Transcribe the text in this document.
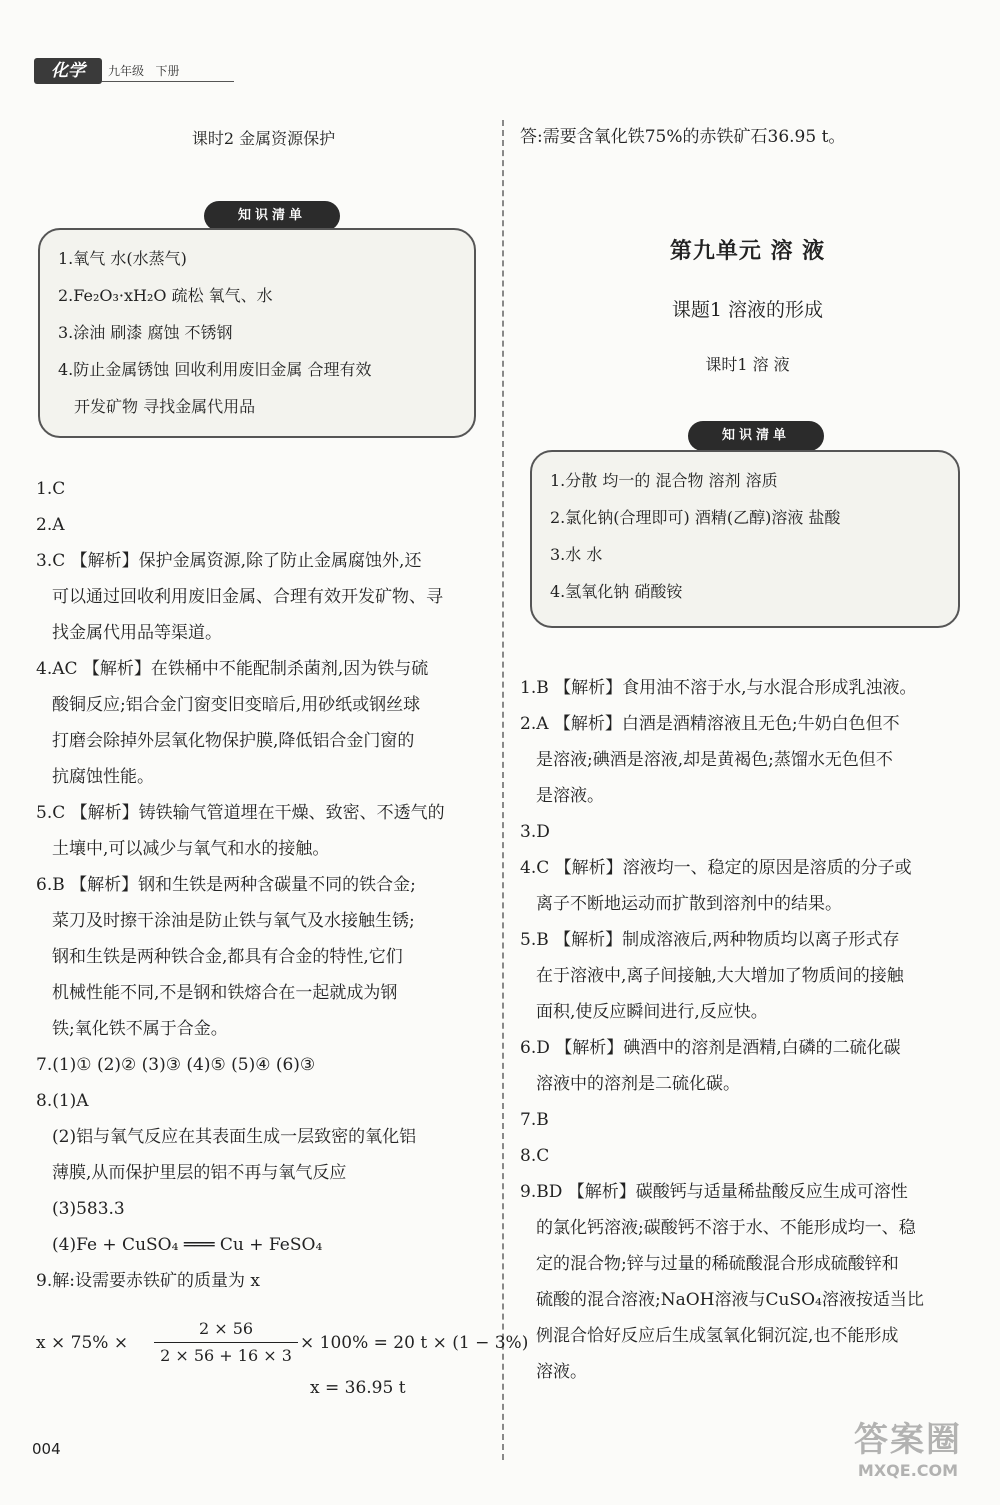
化学	九年级   下册
课时2 金属资源保护
知识清单
1.氧气 水(水蒸气)
2.Fe₂O₃·xH₂O 疏松 氧气、水
3.涂油 刷漆 腐蚀 不锈钢
4.防止金属锈蚀 回收利用废旧金属 合理有效
开发矿物 寻找金属代用品
1.C
2.A
3.C 【解析】保护金属资源,除了防止金属腐蚀外,还
可以通过回收利用废旧金属、合理有效开发矿物、寻
找金属代用品等渠道。
4.AC 【解析】在铁桶中不能配制杀菌剂,因为铁与硫
酸铜反应;铝合金门窗变旧变暗后,用砂纸或钢丝球
打磨会除掉外层氧化物保护膜,降低铝合金门窗的
抗腐蚀性能。
5.C 【解析】铸铁输气管道埋在干燥、致密、不透气的
土壤中,可以减少与氧气和水的接触。
6.B 【解析】钢和生铁是两种含碳量不同的铁合金;
菜刀及时擦干涂油是防止铁与氧气及水接触生锈;
钢和生铁是两种铁合金,都具有合金的特性,它们
机械性能不同,不是钢和铁熔合在一起就成为钢
铁;氧化铁不属于合金。
7.(1)① (2)② (3)③ (4)⑤ (5)④ (6)③
8.(1)A
(2)铝与氧气反应在其表面生成一层致密的氧化铝
薄膜,从而保护里层的铝不再与氧气反应
(3)583.3
(4)Fe + CuSO₄ ═══ Cu + FeSO₄
9.解:设需要赤铁矿的质量为 x
x × 75% ×
2 × 56
2 × 56 + 16 × 3
× 100% = 20 t × (1 − 3%)
x = 36.95 t
答:需要含氧化铁75%的赤铁矿石36.95 t。
第九单元 溶 液
课题1 溶液的形成
课时1 溶 液
知识清单
1.分散 均一的 混合物 溶剂 溶质
2.氯化钠(合理即可) 酒精(乙醇)溶液 盐酸
3.水 水
4.氢氧化钠 硝酸铵
1.B 【解析】食用油不溶于水,与水混合形成乳浊液。
2.A 【解析】白酒是酒精溶液且无色;牛奶白色但不
是溶液;碘酒是溶液,却是黄褐色;蒸馏水无色但不
是溶液。
3.D
4.C 【解析】溶液均一、稳定的原因是溶质的分子或
离子不断地运动而扩散到溶剂中的结果。
5.B 【解析】制成溶液后,两种物质均以离子形式存
在于溶液中,离子间接触,大大增加了物质间的接触
面积,使反应瞬间进行,反应快。
6.D 【解析】碘酒中的溶剂是酒精,白磷的二硫化碳
溶液中的溶剂是二硫化碳。
7.B
8.C
9.BD 【解析】碳酸钙与适量稀盐酸反应生成可溶性
的氯化钙溶液;碳酸钙不溶于水、不能形成均一、稳
定的混合物;锌与过量的稀硫酸混合形成硫酸锌和
硫酸的混合溶液;NaOH溶液与CuSO₄溶液按适当比
例混合恰好反应后生成氢氧化铜沉淀,也不能形成
溶液。
004	答案圈
MXQE.COM
